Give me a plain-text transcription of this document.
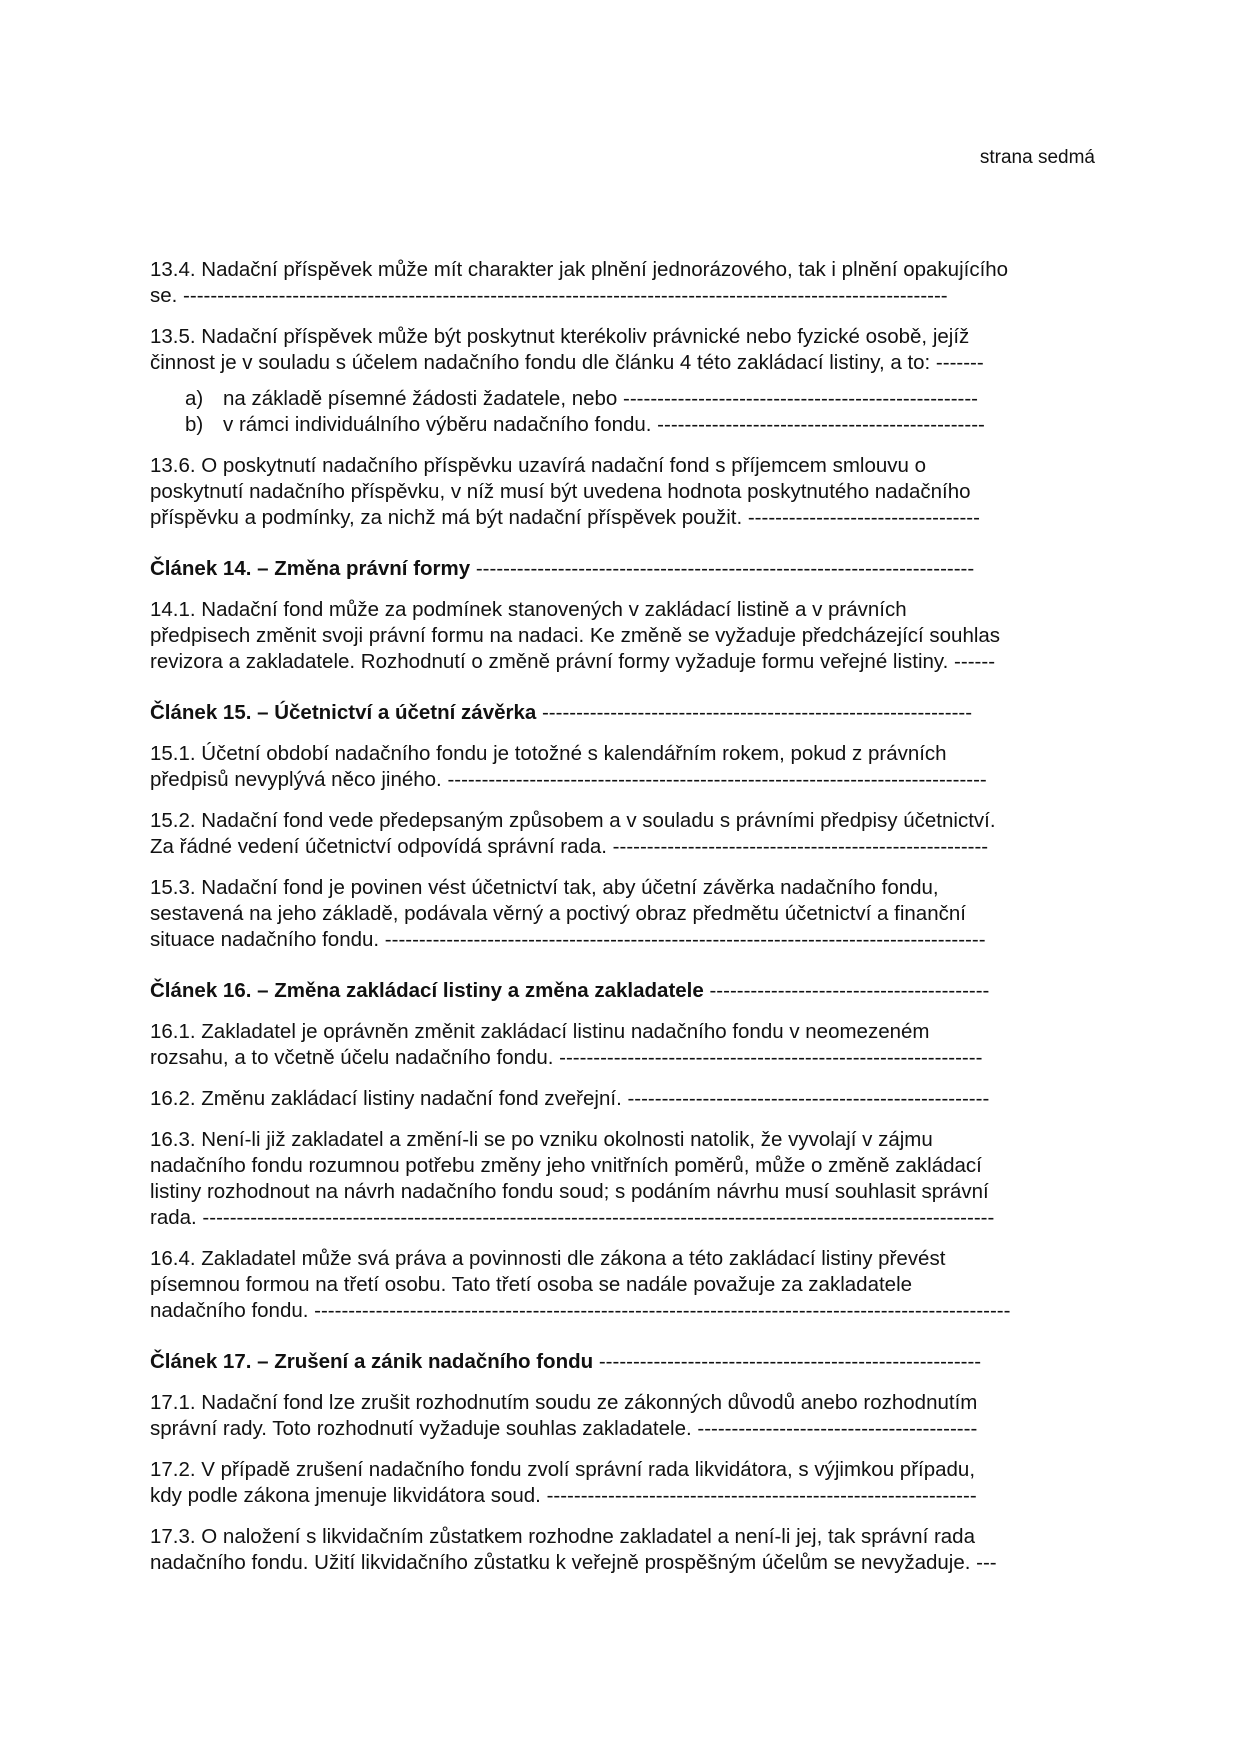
strana sedmá
13.4. Nadační příspěvek může mít charakter jak plnění jednorázového, tak i plnění opakujícího
se. ----------------------------------------------------------------------------------------------------------------
13.5. Nadační příspěvek může být poskytnut kterékoliv právnické nebo fyzické osobě, jejíž
činnost je v souladu s účelem nadačního fondu dle článku 4 této zakládací listiny, a to: -------
a) na základě písemné žádosti žadatele, nebo ----------------------------------------------------
b) v rámci individuálního výběru nadačního fondu. ------------------------------------------------
13.6. O poskytnutí nadačního příspěvku uzavírá nadační fond s příjemcem smlouvu o
poskytnutí nadačního příspěvku, v níž musí být uvedena hodnota poskytnutého nadačního
příspěvku a podmínky, za nichž má být nadační příspěvek použit. ----------------------------------
Článek 14. – Změna právní formy -------------------------------------------------------------------------
14.1. Nadační fond může za podmínek stanovených v zakládací listině a v právních
předpisech změnit svoji právní formu na nadaci. Ke změně se vyžaduje předcházející souhlas
revizora a zakladatele. Rozhodnutí o změně právní formy vyžaduje formu veřejné listiny. ------
Článek 15. – Účetnictví a účetní závěrka ---------------------------------------------------------------
15.1. Účetní období nadačního fondu je totožné s kalendářním rokem, pokud z právních
předpisů nevyplývá něco jiného. -------------------------------------------------------------------------------
15.2. Nadační fond vede předepsaným způsobem a v souladu s právními předpisy účetnictví.
Za řádné vedení účetnictví odpovídá správní rada. -------------------------------------------------------
15.3. Nadační fond je povinen vést účetnictví tak, aby účetní závěrka nadačního fondu,
sestavená na jeho základě, podávala věrný a poctivý obraz předmětu účetnictví a finanční
situace nadačního fondu. ----------------------------------------------------------------------------------------
Článek 16. – Změna zakládací listiny a změna zakladatele -----------------------------------------
16.1. Zakladatel je oprávněn změnit zakládací listinu nadačního fondu v neomezeném
rozsahu, a to včetně účelu nadačního fondu. --------------------------------------------------------------
16.2. Změnu zakládací listiny nadační fond zveřejní. -----------------------------------------------------
16.3. Není-li již zakladatel a změní-li se po vzniku okolnosti natolik, že vyvolají v zájmu
nadačního fondu rozumnou potřebu změny jeho vnitřních poměrů, může o změně zakládací
listiny rozhodnout na návrh nadačního fondu soud; s podáním návrhu musí souhlasit správní
rada. --------------------------------------------------------------------------------------------------------------------
16.4. Zakladatel může svá práva a povinnosti dle zákona a této zakládací listiny převést
písemnou formou na třetí osobu. Tato třetí osoba se nadále považuje za zakladatele
nadačního fondu. ------------------------------------------------------------------------------------------------------
Článek 17. – Zrušení a zánik nadačního fondu --------------------------------------------------------
17.1. Nadační fond lze zrušit rozhodnutím soudu ze zákonných důvodů anebo rozhodnutím
správní rady. Toto rozhodnutí vyžaduje souhlas zakladatele. -----------------------------------------
17.2. V případě zrušení nadačního fondu zvolí správní rada likvidátora, s výjimkou případu,
kdy podle zákona jmenuje likvidátora soud. ---------------------------------------------------------------
17.3. O naložení s likvidačním zůstatkem rozhodne zakladatel a není-li jej, tak správní rada
nadačního fondu. Užití likvidačního zůstatku k veřejně prospěšným účelům se nevyžaduje. ---
